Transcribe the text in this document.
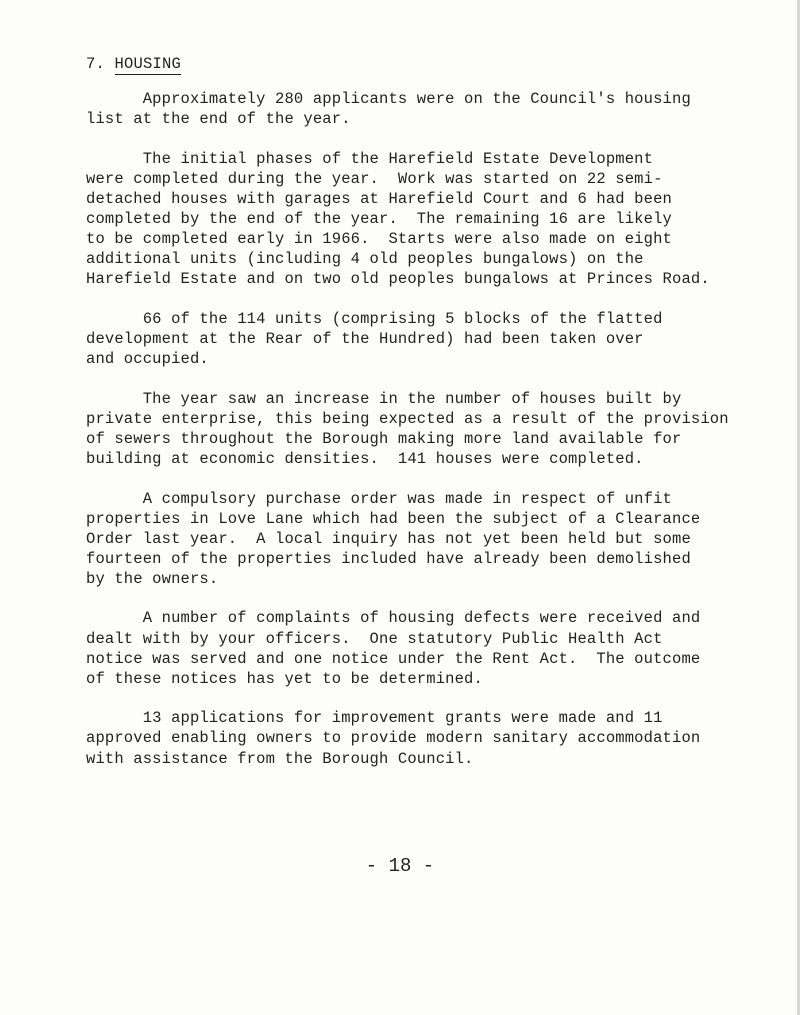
7. HOUSING
Approximately 280 applicants were on the Council's housing
list at the end of the year.
The initial phases of the Harefield Estate Development
were completed during the year.  Work was started on 22 semi-
detached houses with garages at Harefield Court and 6 had been
completed by the end of the year.  The remaining 16 are likely
to be completed early in 1966.  Starts were also made on eight
additional units (including 4 old peoples bungalows) on the
Harefield Estate and on two old peoples bungalows at Princes Road.
66 of the 114 units (comprising 5 blocks of the flatted
development at the Rear of the Hundred) had been taken over
and occupied.
The year saw an increase in the number of houses built by
private enterprise, this being expected as a result of the provision
of sewers throughout the Borough making more land available for
building at economic densities.  141 houses were completed.
A compulsory purchase order was made in respect of unfit
properties in Love Lane which had been the subject of a Clearance
Order last year.  A local inquiry has not yet been held but some
fourteen of the properties included have already been demolished
by the owners.
A number of complaints of housing defects were received and
dealt with by your officers.  One statutory Public Health Act
notice was served and one notice under the Rent Act.  The outcome
of these notices has yet to be determined.
13 applications for improvement grants were made and 11
approved enabling owners to provide modern sanitary accommodation
with assistance from the Borough Council.
- 18 -
